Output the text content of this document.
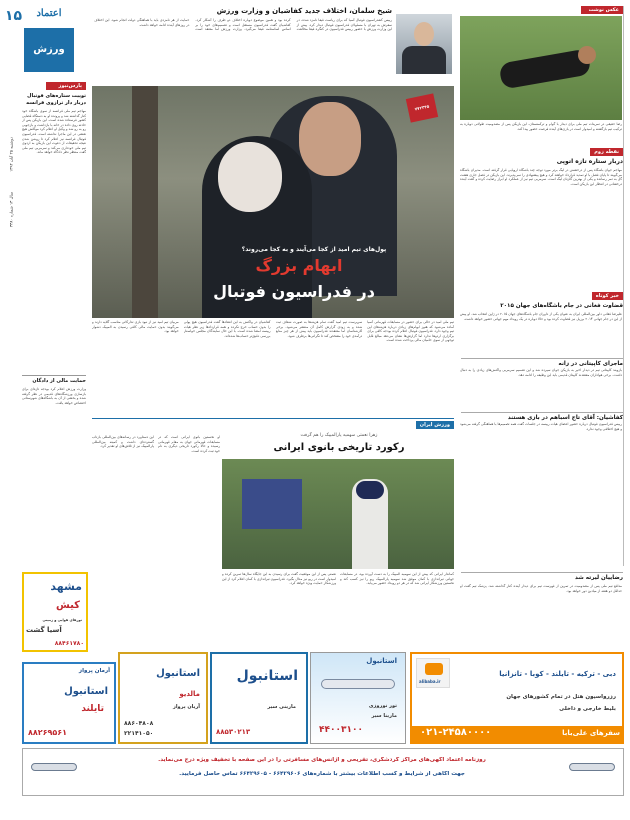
۱۵	اعتماد
ورزش
دوشنبه ۲۵ آبان ۱۳۹۴
سال ۱۳ شماره ۳۳۸۰
پارس‌نیوز
توپیت ستاره‌های فوتبال دربار دار ترازوی فرانسه
مهاجم تیم ملی فرانسه از سوی باشگاه خود کنار گذاشته شد و پرونده او به دستگاه قضایی کشور فرستاده شده است. این بازیکن پس از حادثه روی داده در خانه با بازداشت و بازجویی رو به رو شد و وکیل او اعلام کرد موکلش هیچ نقشی در این ماجرا نداشته است. فدراسیون فوتبال فرانسه نیز اعلام کرد تا روشن شدن نتیجه تحقیقات از دعوت این بازیکن به اردوی تیم ملی خودداری می‌کند و سرمربی تیم ملی گفت منتظر نظر دادگاه خواهد ماند.
حمایت مالی از دادگان
وزارت ورزش اعلام کرد بودجه تازه‌ای برای بازسازی ورزشگاه‌های قدیمی در نظر گرفته شده و بخشی از آن به باشگاه‌های شهرستانی اختصاص خواهد یافت.
شیخ سلمان، اختلاف جدید کفاشیان و وزارت ورزش
رییس کنفدراسیون فوتبال آسیا که برای ریاست فیفا نامزد شده، در سفرش به تهران با مسئولان فدراسیون فوتبال دیدار کرد. پیش از این وزارت ورزش با حضور رییس فدراسیون در کنگره فیفا مخالفت کرده بود و همین موضوع دوباره اختلاف دو طرف را آشکار کرد. کفاشیان گفت فدراسیون مستقل است و تصمیم‌های خود را بر اساس اساسنامه فیفا می‌گیرد. وزارت ورزش اما معتقد است حمایت از هر نامزدی باید با هماهنگی دولت انجام شود. این اختلاف در روزهای آینده ادامه خواهد داشت.
۷۷۲۳۴۵
پول‌های تیم امید از کجا می‌آیند و به کجا می‌روند؟
ابهام بزرگ
در فدراسیون فوتبال
تیم ملی امید در حالی برای حضور در مسابقات قهرمانی آسیا آماده می‌شود که هنوز ابهام‌های زیادی درباره هزینه‌های این تیم وجود دارد. فدراسیون فوتبال اعلام کرده بودجه کافی برای برگزاری اردوها ندارد اما گزارش‌ها نشان می‌دهد مبالغ قابل توجهی از سوی حامیان مالی پرداخت شده است.
سرپرست تیم امید گفت تمام هزینه‌ها به صورت شفاف ثبت شده و به زودی گزارش کامل آن منتشر می‌شود. برخی کارشناسان اما معتقدند فدراسیون باید پیش از هر چیز منابع درآمدی خود را مشخص کند تا نگرانی‌ها برطرف شود.
کفاشیان در واکنش به این انتقادها گفت فدراسیون هیچ پولی را بدون حساب خرج نکرده و همه قراردادها زیر نظر هیات رییسه امضا شده است. با این حال نمایندگان مجلس خواستار بررسی دقیق‌تر حساب‌ها شده‌اند.
مربیان تیم امید نیز از نبود بازی تدارکاتی مناسب گلایه دارند و می‌گویند بدون حمایت مالی کافی رسیدن به المپیک دشوار خواهد بود.
ورزش ایران
زهرا نعمتی سهمیه پارالمپیک را هم گرفت
رکورد تاریخی بانوی ایرانی
کماندار ایرانی که پیش از این سهمیه المپیک را به دست آورده بود، در مسابقات جهانی تیراندازی با کمان موفق شد سهمیه پارالمپیک ریو را نیز کسب کند و نخستین ورزشکار ایرانی شد که در هر دو رویداد حضور می‌یابد.
نعمتی پس از این موفقیت گفت برای رسیدن به این جایگاه سال‌ها تمرین کرده و امیدوار است در ریو نیز مدال بگیرد. فدراسیون تیراندازی با کمان اعلام کرد از این ورزشکار حمایت ویژه خواهد کرد.
این دستاورد در رسانه‌های بین‌المللی بازتاب گسترده‌ای داشت و کمیته بین‌المللی پارالمپیک نیز از تلاش‌های او تقدیر کرد.
او نخستین بانوی ایرانی است که در مسابقات قهرمانی جهان به مقام قهرمانی رسیده و حالا رکورد تاریخی دیگری به نام خود ثبت کرده است.
عکس نوشت
رضا حقیقی در تمرینات تیم ملی برای دیدار با گوام و ترکمنستان. این بازیکن پس از مصدومیت طولانی دوباره به ترکیب تیم بازگشته و امیدوار است در بازی‌های آینده فرصت حضور پیدا کند.
نقطه زوم
دربار ستاره تازه اتوپی
مهاجم جوان باشگاه پس از درخشش در لیگ برتر مورد توجه چند باشگاه اروپایی قرار گرفته است. مدیران باشگاه می‌گویند تا پایان فصل با او تمدید قرارداد خواهند کرد و هیچ پیشنهادی را نمی‌پذیرند. این بازیکن در فصل جاری هشت گل به ثمر رسانده و یکی از بهترین گلزنان لیگ است. سرمربی تیم نیز از عملکرد او ابراز رضایت کرده و گفت آینده درخشانی در انتظار این بازیکن است.
خبر کوتاه
قضاوت فغانی در جام باشگاه‌های جهان ۲۰۱۵
علیرضا فغانی داور بین‌المللی ایران به عنوان یکی از داوران جام باشگاه‌های جهان ۲۰۱۵ در ژاپن انتخاب شد. او پیش از این در جام جهانی ۲۰۱۴ برزیل نیز قضاوت کرده بود و حالا دوباره در یک رویداد مهم جهانی حضور خواهد داشت.
ماجرای کاپیتانی در زانه
بازوبند کاپیتانی تیم در دیدار اخیر به بازیکن جوان سپرده شد و این تصمیم سرمربی واکنش‌های زیادی را به دنبال داشت. برخی هواداران معتقدند کاپیتان قدیمی باید این وظیفه را ادامه دهد.
کفاشیان: آقای تاج اسباهم در بازی هستند
رییس فدراسیون فوتبال درباره حضور اعضای هیات رییسه در جلسات گفت همه تصمیم‌ها با هماهنگی گرفته می‌شود و هیچ اختلافی وجود ندارد.
رضاییان لیرته شد
مدافع تیم ملی پس از مصدومیت در تمرین از فهرست تیم برای دیدار آینده کنار گذاشته شد. پزشک تیم گفت او حداقل دو هفته از میادین دور خواهد بود.
مشهد
کیش
تورهای هوایی و زمینی
آسیا گشت
۸۸۴۶۱۷۸۰
alibaba.ir
دبی - ترکیه - تایلند - کوبا - تانزانیا
رزرواسیون هتل در تمام کشورهای جهان
بلیط خارجی و داخلی
سفرهای علی‌بابا
۰۲۱-۲۴۵۸۰۰۰۰
استانبول
تور نوروزی
مارینا سیر
۴۴۰۰۳۱۰۰
استانبول
مارینی سیر
۸۸۵۳۰۲۱۳
استانبول
مالدیو
آریان پرواز
۸۸۶۰۴۸۰۸
۲۲۱۴۱۰۵۰
آرمان پرواز
استانبول
تایلند
۸۸۲۶۹۵۶۱
روزنامه اعتماد آگهی‌های مراکز گردشگری، تفریحی و آژانس‌های مسافرتی را در این صفحه با تخفیف ویژه درج می‌نماید.
جهت آگاهی از شرایط و کسب اطلاعات بیشتر با شماره‌های ۶۶۴۲۹۶۰۶ - ۶۶۴۲۹۶۰۵ تماس حاصل فرمایید.
